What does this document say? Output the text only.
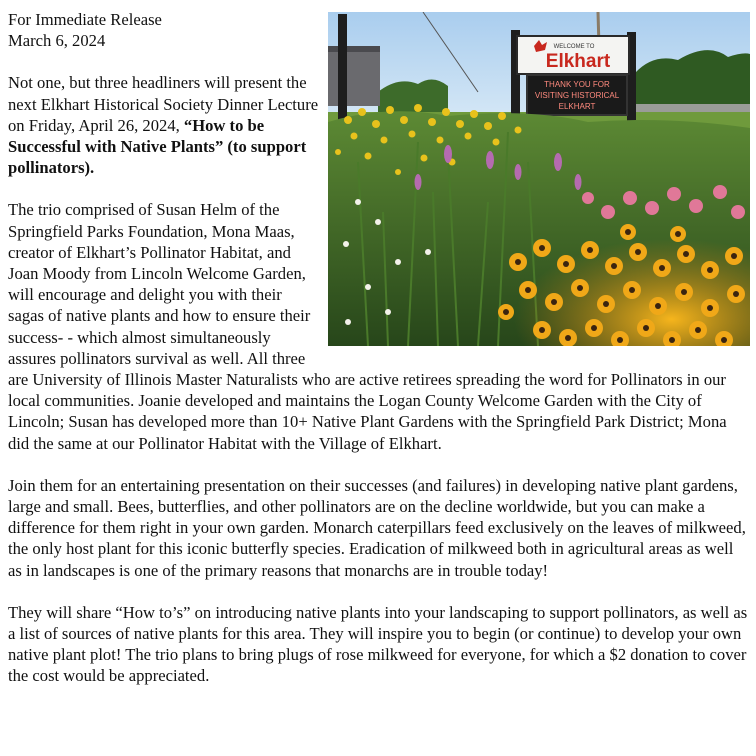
WELCOME TO
Elkhart
THANK YOU FOR
VISITING HISTORICAL
ELKHART

For Immediate Release

March 6, 2024

Not one, but three headliners will present the next Elkhart Historical Society Dinner Lecture on Friday, April 26, 2024, “How to be Successful with Native Plants” (to support pollinators).

The trio comprised of Susan Helm of the Springfield Parks Foundation, Mona Maas, creator of Elkhart’s Pollinator Habitat, and Joan Moody from Lincoln Welcome Garden, will encourage and delight you with their sagas of native plants and how to ensure their success- - which almost simultaneously assures pollinators survival as well. All three are University of Illinois Master Naturalists who are active retirees spreading the word for Pollinators in our local communities. Joanie developed and maintains the Logan County Welcome Garden with the City of Lincoln; Susan has developed more than 10+ Native Plant Gardens with the Springfield Park District; Mona did the same at our Pollinator Habitat with the Village of Elkhart.

Join them for an entertaining presentation on their successes (and failures) in developing native plant gardens, large and small. Bees, butterflies, and other pollinators are on the decline worldwide, but you can make a difference for them right in your own garden. Monarch caterpillars feed exclusively on the leaves of milkweed, the only host plant for this iconic butterfly species. Eradication of milkweed both in agricultural areas as well as in landscapes is one of the primary reasons that monarchs are in trouble today!

They will share “How to’s” on introducing native plants into your landscaping to support pollinators, as well as a list of sources of native plants for this area. They will inspire you to begin (or continue) to develop your own native plant plot! The trio plans to bring plugs of rose milkweed for everyone, for which a $2 donation to cover the cost would be appreciated.
